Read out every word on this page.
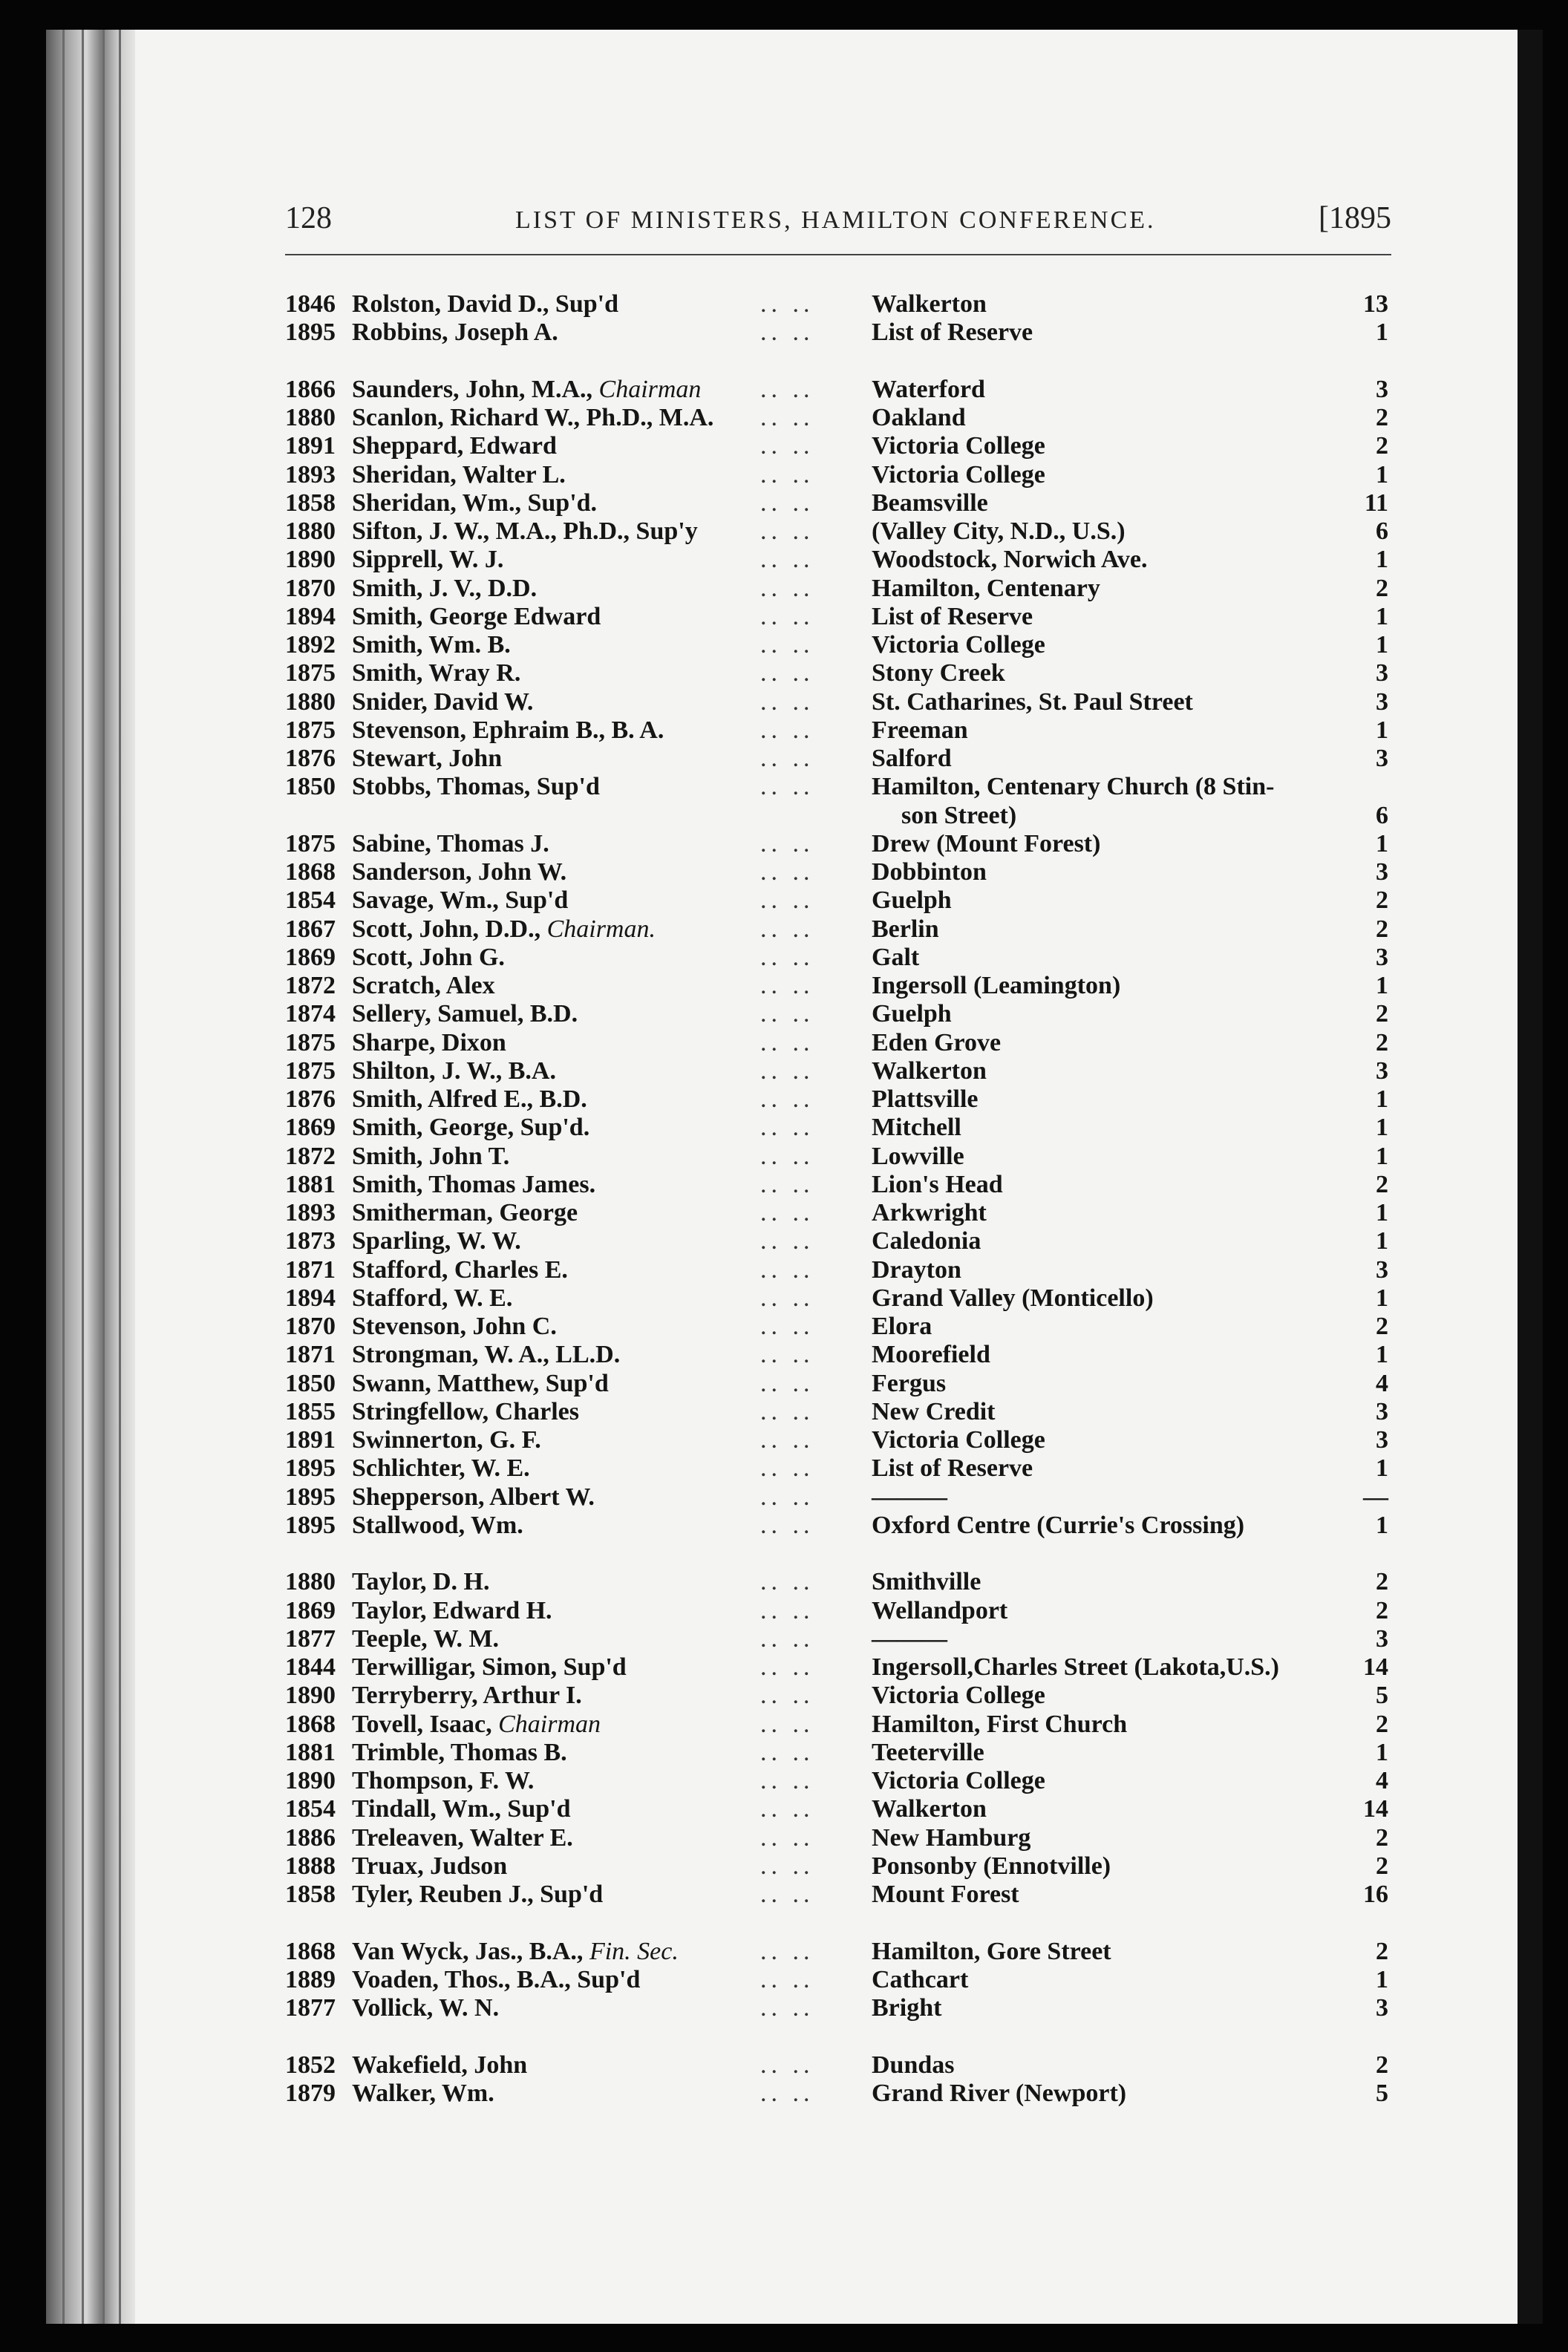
128	LIST OF MINISTERS, HAMILTON CONFERENCE.	[1895
1846 Rolston, David D., Sup'd	.. .. Walkerton	13
1895 Robbins, Joseph A.	.. .. List of Reserve	1
1866 Saunders, John, M.A., Chairman .. .. Waterford	3
1880 Scanlon, Richard W., Ph.D., M.A. .. .. Oakland	2
1891 Sheppard, Edward	.. .. Victoria College	2
1893 Sheridan, Walter L.	.. .. Victoria College	1
1858 Sheridan, Wm., Sup'd.	.. .. Beamsville	11
1880 Sifton, J. W., M.A., Ph.D., Sup'y .. .. (Valley City, N.D., U.S.)	6
1890 Sipprell, W. J.	.. .. Woodstock, Norwich Ave.	1
1870 Smith, J. V., D.D.	.. .. Hamilton, Centenary	2
1894 Smith, George Edward	.. .. List of Reserve	1
1892 Smith, Wm. B.	.. .. Victoria College	1
1875 Smith, Wray R.	.. .. Stony Creek	3
1880 Snider, David W.	.. .. St. Catharines, St. Paul Street	3
1875 Stevenson, Ephraim B., B. A.	.. .. Freeman	1
1876 Stewart, John	.. .. Salford	3
1850 Stobbs, Thomas, Sup'd	.. .. Hamilton, Centenary Church (8 Stin-
son Street)	6
1875 Sabine, Thomas J.	.. .. Drew (Mount Forest)	1
1868 Sanderson, John W.	.. .. Dobbinton	3
1854 Savage, Wm., Sup'd	.. .. Guelph	2
1867 Scott, John, D.D., Chairman.	.. .. Berlin	2
1869 Scott, John G.	.. .. Galt	3
1872 Scratch, Alex	.. .. Ingersoll (Leamington)	1
1874 Sellery, Samuel, B.D.	.. .. Guelph	2
1875 Sharpe, Dixon	.. .. Eden Grove	2
1875 Shilton, J. W., B.A.	.. .. Walkerton	3
1876 Smith, Alfred E., B.D.	.. .. Plattsville	1
1869 Smith, George, Sup'd.	.. .. Mitchell	1
1872 Smith, John T.	.. .. Lowville	1
1881 Smith, Thomas James.	.. .. Lion's Head	2
1893 Smitherman, George	.. .. Arkwright	1
1873 Sparling, W. W.	.. .. Caledonia	1
1871 Stafford, Charles E.	.. .. Drayton	3
1894 Stafford, W. E.	.. .. Grand Valley (Monticello)	1
1870 Stevenson, John C.	.. .. Elora	2
1871 Strongman, W. A., LL.D.	.. .. Moorefield	1
1850 Swann, Matthew, Sup'd	.. .. Fergus	4
1855 Stringfellow, Charles	.. .. New Credit	3
1891 Swinnerton, G. F.	.. .. Victoria College	3
1895 Schlichter, W. E.	.. .. List of Reserve	1
1895 Shepperson, Albert W.	.. .. ———	—
1895 Stallwood, Wm.	.. .. Oxford Centre (Currie's Crossing)	1
1880 Taylor, D. H.	.. .. Smithville	2
1869 Taylor, Edward H.	.. .. Wellandport	2
1877 Teeple, W. M.	.. .. ———	3
1844 Terwilligar, Simon, Sup'd	.. .. Ingersoll,Charles Street (Lakota,U.S.)	14
1890 Terryberry, Arthur I.	.. .. Victoria College	5
1868 Tovell, Isaac, Chairman	.. .. Hamilton, First Church	2
1881 Trimble, Thomas B.	.. .. Teeterville	1
1890 Thompson, F. W.	.. .. Victoria College	4
1854 Tindall, Wm., Sup'd	.. .. Walkerton	14
1886 Treleaven, Walter E.	.. .. New Hamburg	2
1888 Truax, Judson	.. .. Ponsonby (Ennotville)	2
1858 Tyler, Reuben J., Sup'd	.. .. Mount Forest	16
1868 Van Wyck, Jas., B.A., Fin. Sec.	.. .. Hamilton, Gore Street	2
1889 Voaden, Thos., B.A., Sup'd	.. .. Cathcart	1
1877 Vollick, W. N.	.. .. Bright	3
1852 Wakefield, John	.. .. Dundas	2
1879 Walker, Wm.	.. .. Grand River (Newport)	5
